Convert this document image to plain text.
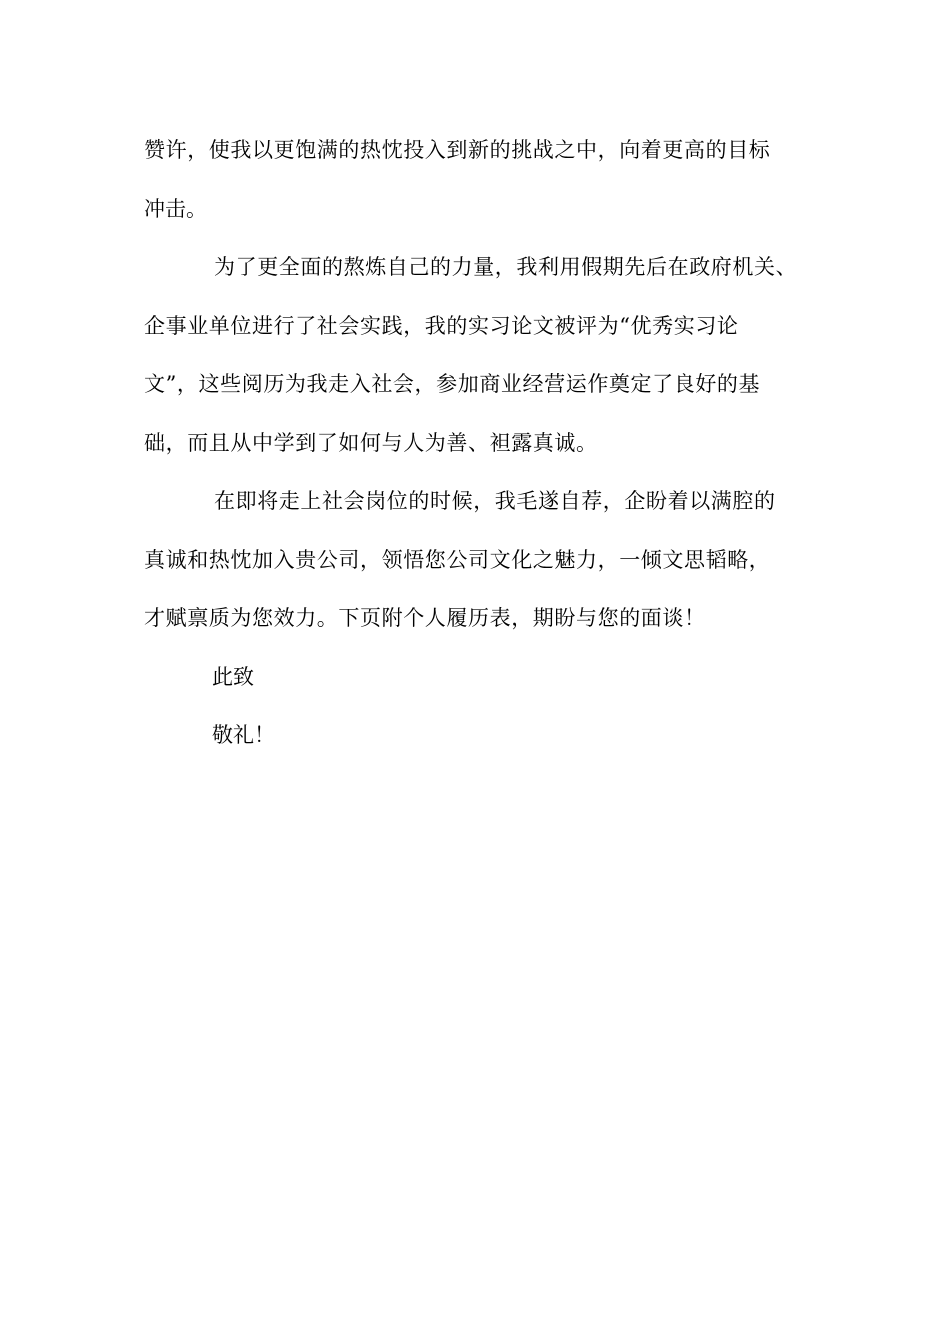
赞许，使我以更饱满的热忱投入到新的挑战之中，向着更高的目标
冲击。
为了更全面的熬炼自己的力量，我利用假期先后在政府机关、
企事业单位进行了社会实践，我的实习论文被评为“优秀实习论
文”，这些阅历为我走入社会，参加商业经营运作奠定了良好的基
础，而且从中学到了如何与人为善、袒露真诚。
在即将走上社会岗位的时候，我毛遂自荐，企盼着以满腔的
真诚和热忱加入贵公司，领悟您公司文化之魅力，一倾文思韬略，
才赋禀质为您效力。下页附个人履历表，期盼与您的面谈！
此致
敬礼！
